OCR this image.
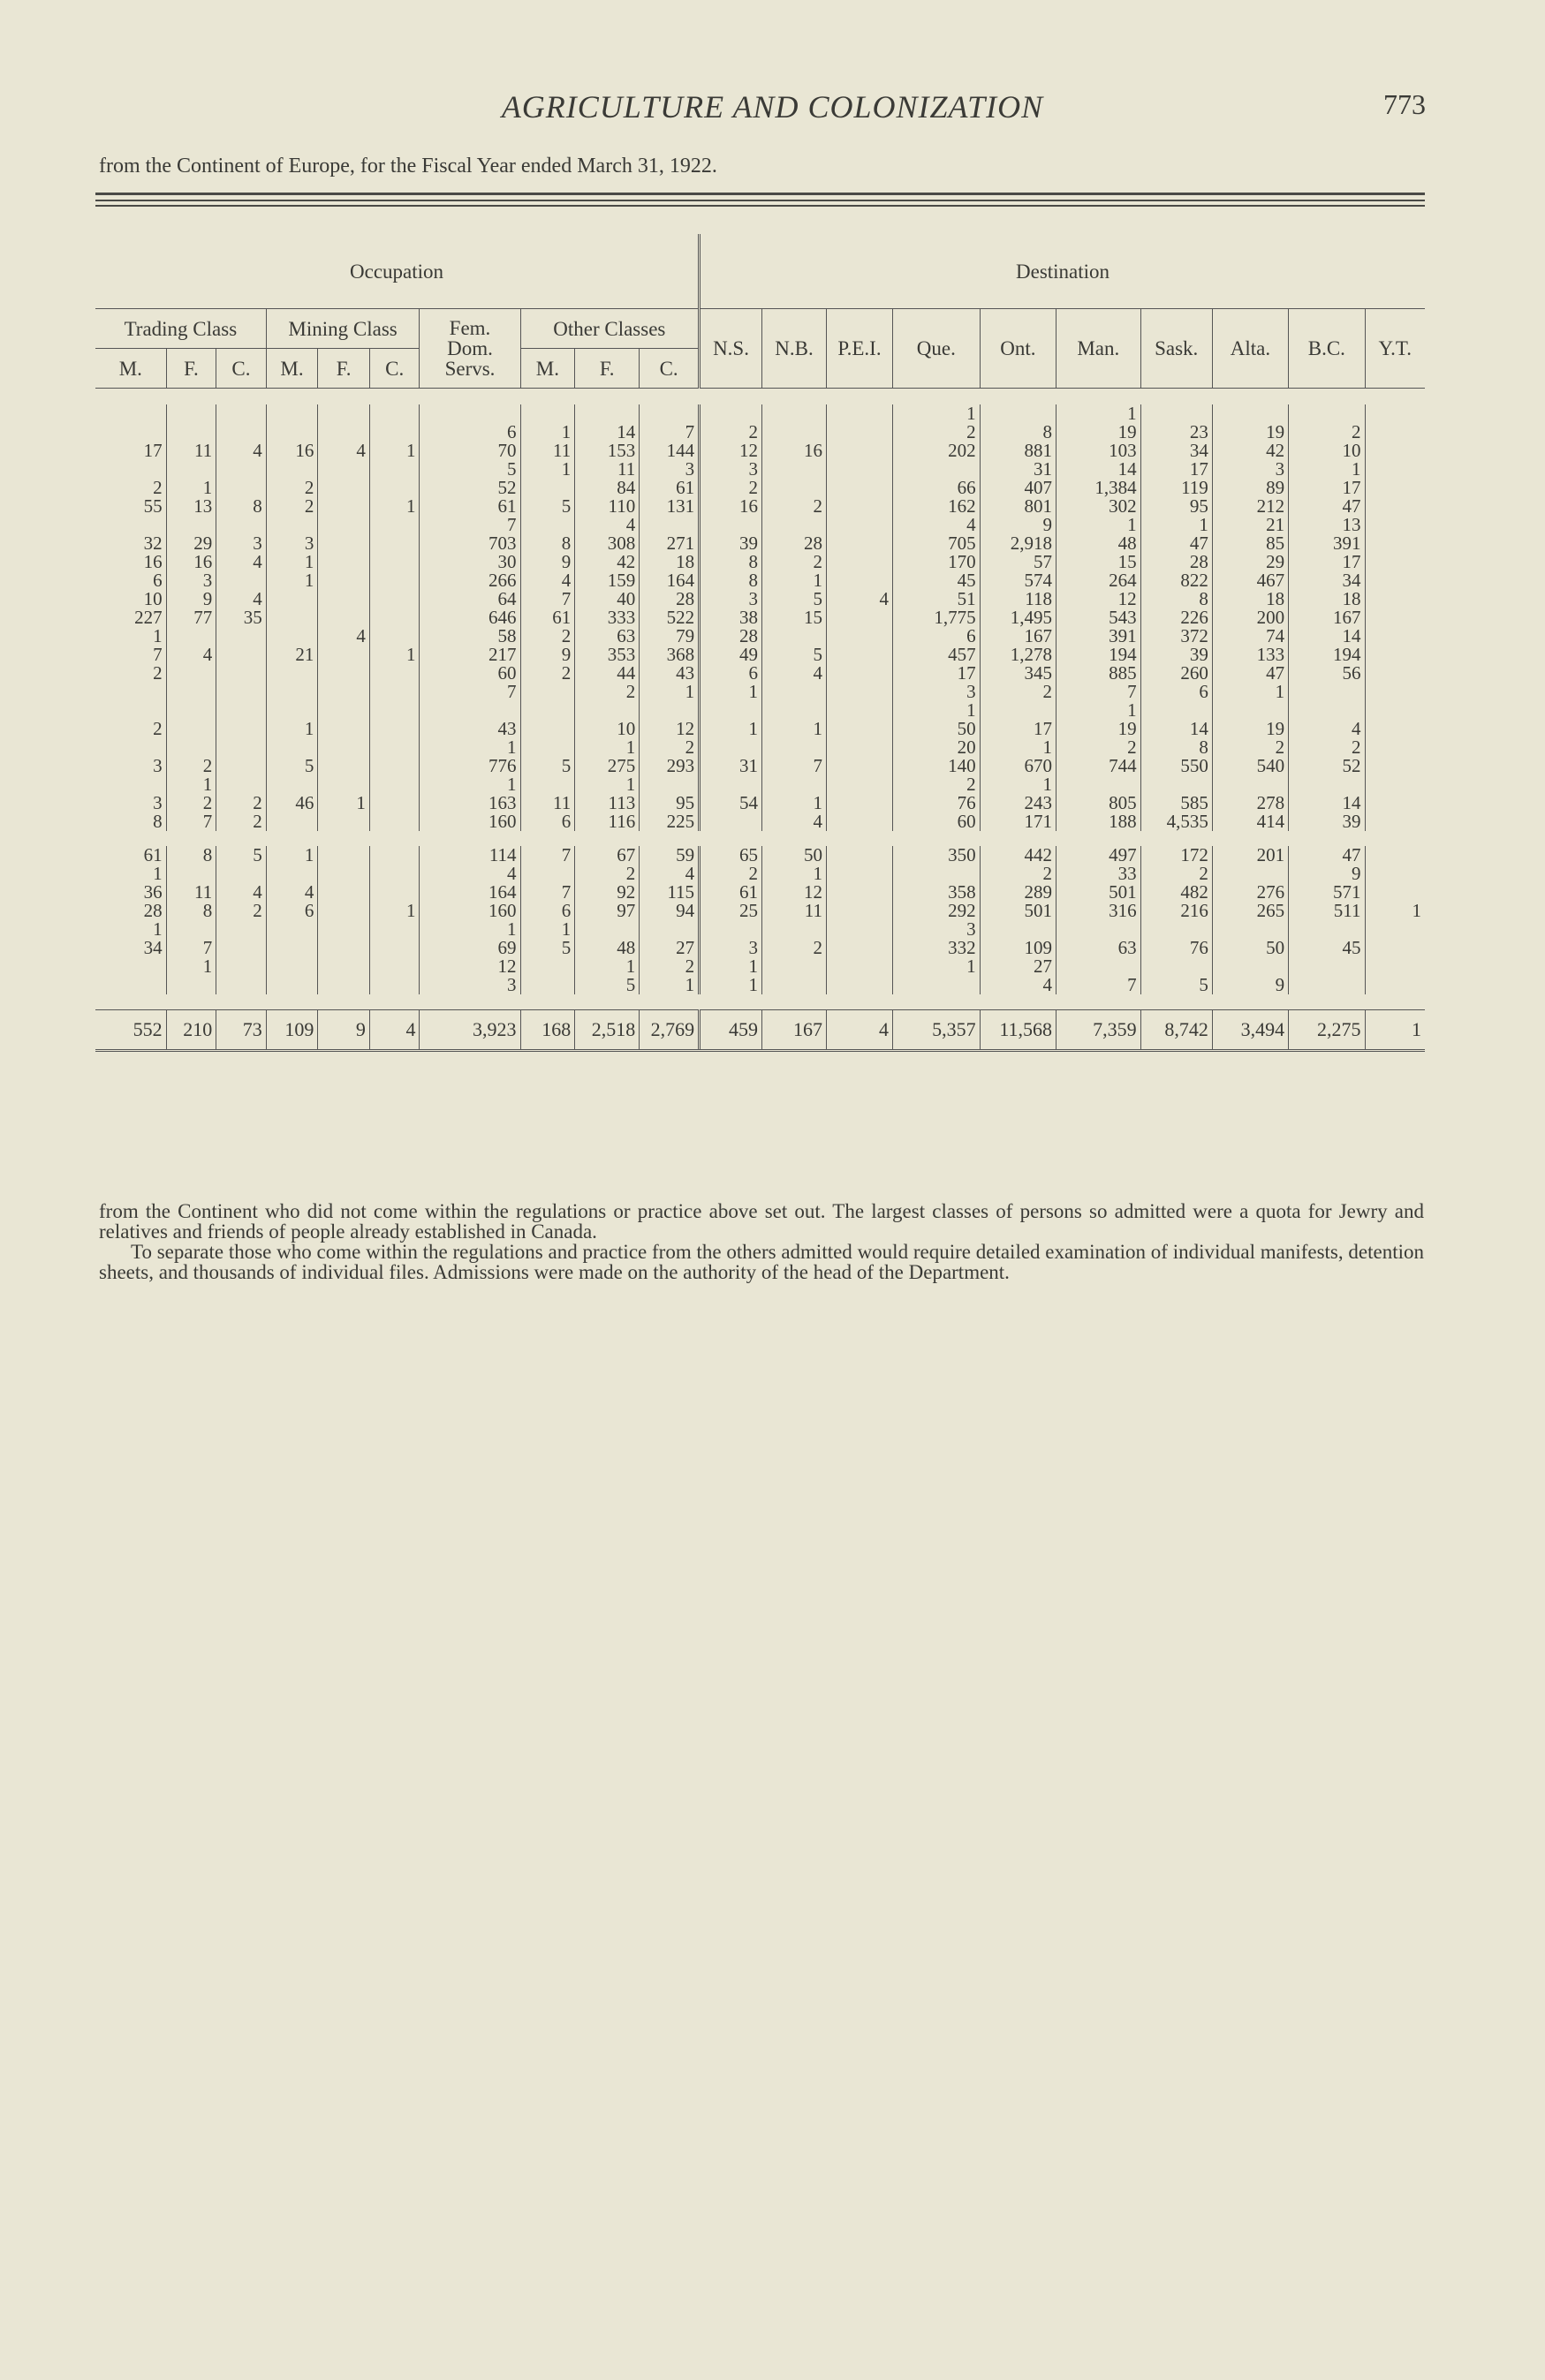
AGRICULTURE AND COLONIZATION	773
from the Continent of Europe, for the Fiscal Year ended March 31, 1922.
Occupation										Destination									
Trading Class			Mining Class			Fem. Dom. Servs.	Other Classes			N.S.	N.B.	P.E.I.	Que.	Ont.	Man.	Sask.	Alta.	B.C.	Y.T.
M.	F.	C.	M.	F.	C.		M.	F.	C.										

													1		1				
						6	1	14	7	2			2	8	19	23	19	2	
17	11	4	16	4	1	70	11	153	144	12	16		202	881	103	34	42	10	
						5	1	11	3	3				31	14	17	3	1	
2	1		2			52		84	61	2			66	407	1,384	119	89	17	
55	13	8	2		1	61	5	110	131	16	2		162	801	302	95	212	47	
						7		4					4	9	1	1	21	13	
32	29	3	3			703	8	308	271	39	28		705	2,918	48	47	85	391	
16	16	4	1			30	9	42	18	8	2		170	57	15	28	29	17	
6	3		1			266	4	159	164	8	1		45	574	264	822	467	34	
10	9	4				64	7	40	28	3	5	4	51	118	12	8	18	18	
227	77	35				646	61	333	522	38	15		1,775	1,495	543	226	200	167	
1				4		58	2	63	79	28			6	167	391	372	74	14	
7	4		21		1	217	9	353	368	49	5		457	1,278	194	39	133	194	
2						60	2	44	43	6	4		17	345	885	260	47	56	
						7		2	1	1			3	2	7	6	1		
													1		1				
2			1			43		10	12	1	1		50	17	19	14	19	4	
						1		1	2				20	1	2	8	2	2	
3	2		5			776	5	275	293	31	7		140	670	744	550	540	52	
	1					1		1					2	1					
3	2	2	46	1		163	11	113	95	54	1		76	243	805	585	278	14	
8	7	2				160	6	116	225		4		60	171	188	4,535	414	39	

61	8	5	1			114	7	67	59	65	50		350	442	497	172	201	47	
1						4		2	4	2	1			2	33	2		9	
36	11	4	4			164	7	92	115	61	12		358	289	501	482	276	571	
28	8	2	6		1	160	6	97	94	25	11		292	501	316	216	265	511	1
1						1	1						3						
34	7					69	5	48	27	3	2		332	109	63	76	50	45	
	1					12		1	2	1			1	27					
						3		5	1	1				4	7	5	9		

552	210	73	109	9	4	3,923	168	2,518	2,769	459	167	4	5,357	11,568	7,359	8,742	3,494	2,275	1

from the Continent who did not come within the regulations or practice above set out. The largest classes of persons so admitted were a quota for Jewry and relatives and friends of people already established in Canada.

To separate those who come within the regulations and practice from the others admitted would require detailed examination of individual manifests, detention sheets, and thousands of individual files. Admissions were made on the authority of the head of the Department.
